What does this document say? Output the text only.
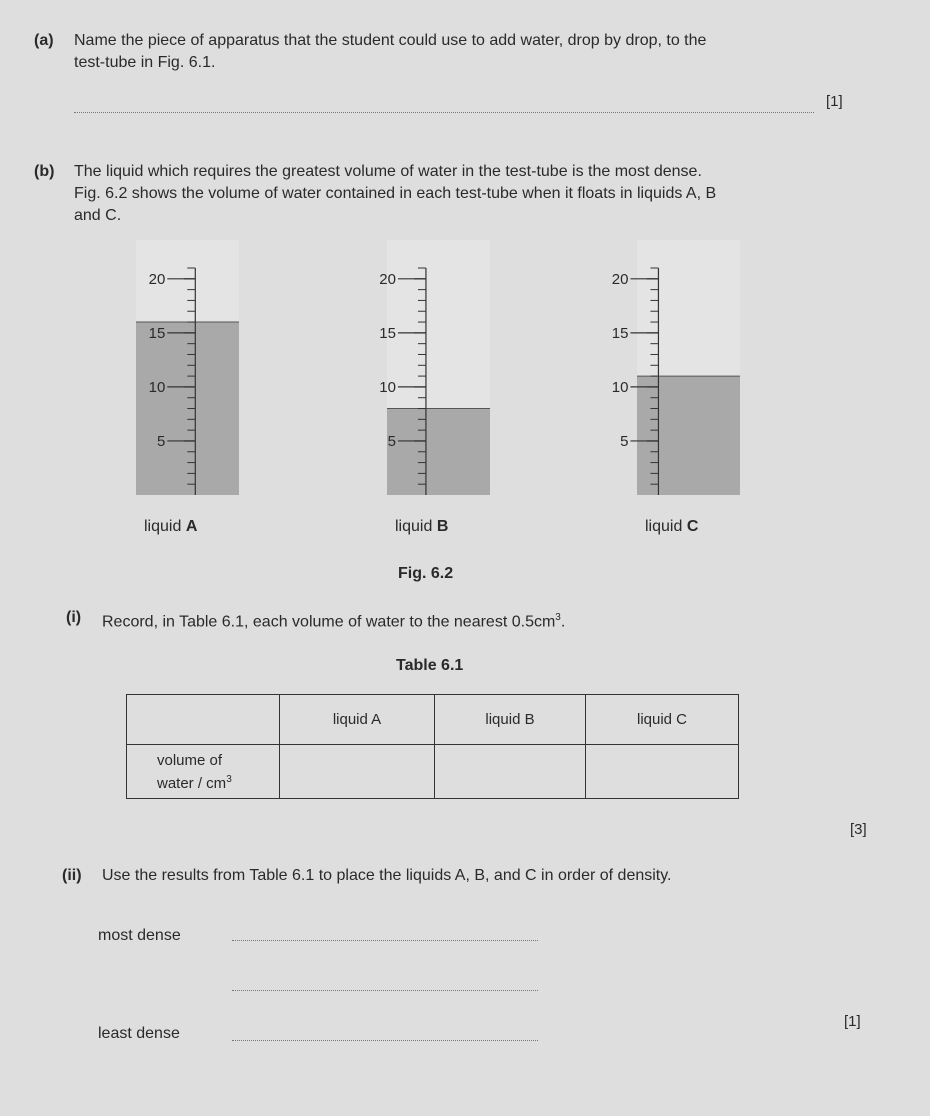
(a) Name the piece of apparatus that the student could use to add water, drop by drop, to the
test-tube in Fig. 6.1.
[1]
(b) The liquid which requires the greatest volume of water in the test-tube is the most dense.
Fig. 6.2 shows the volume of water contained in each test-tube when it floats in liquids A, B
and C.
20
15
10
5
liquid A
20
15
10
5
liquid B
20
15
10
5
liquid C
Fig. 6.2
(i) Record, in Table 6.1, each volume of water to the nearest $0.5cm^3$.
Table 6.1
	liquid A	liquid B	liquid C

volume of
water / $cm^3$

[3]
(ii) Use the results from Table 6.1 to place the liquids A, B, and C in order of density.
most dense
least dense
[1]
